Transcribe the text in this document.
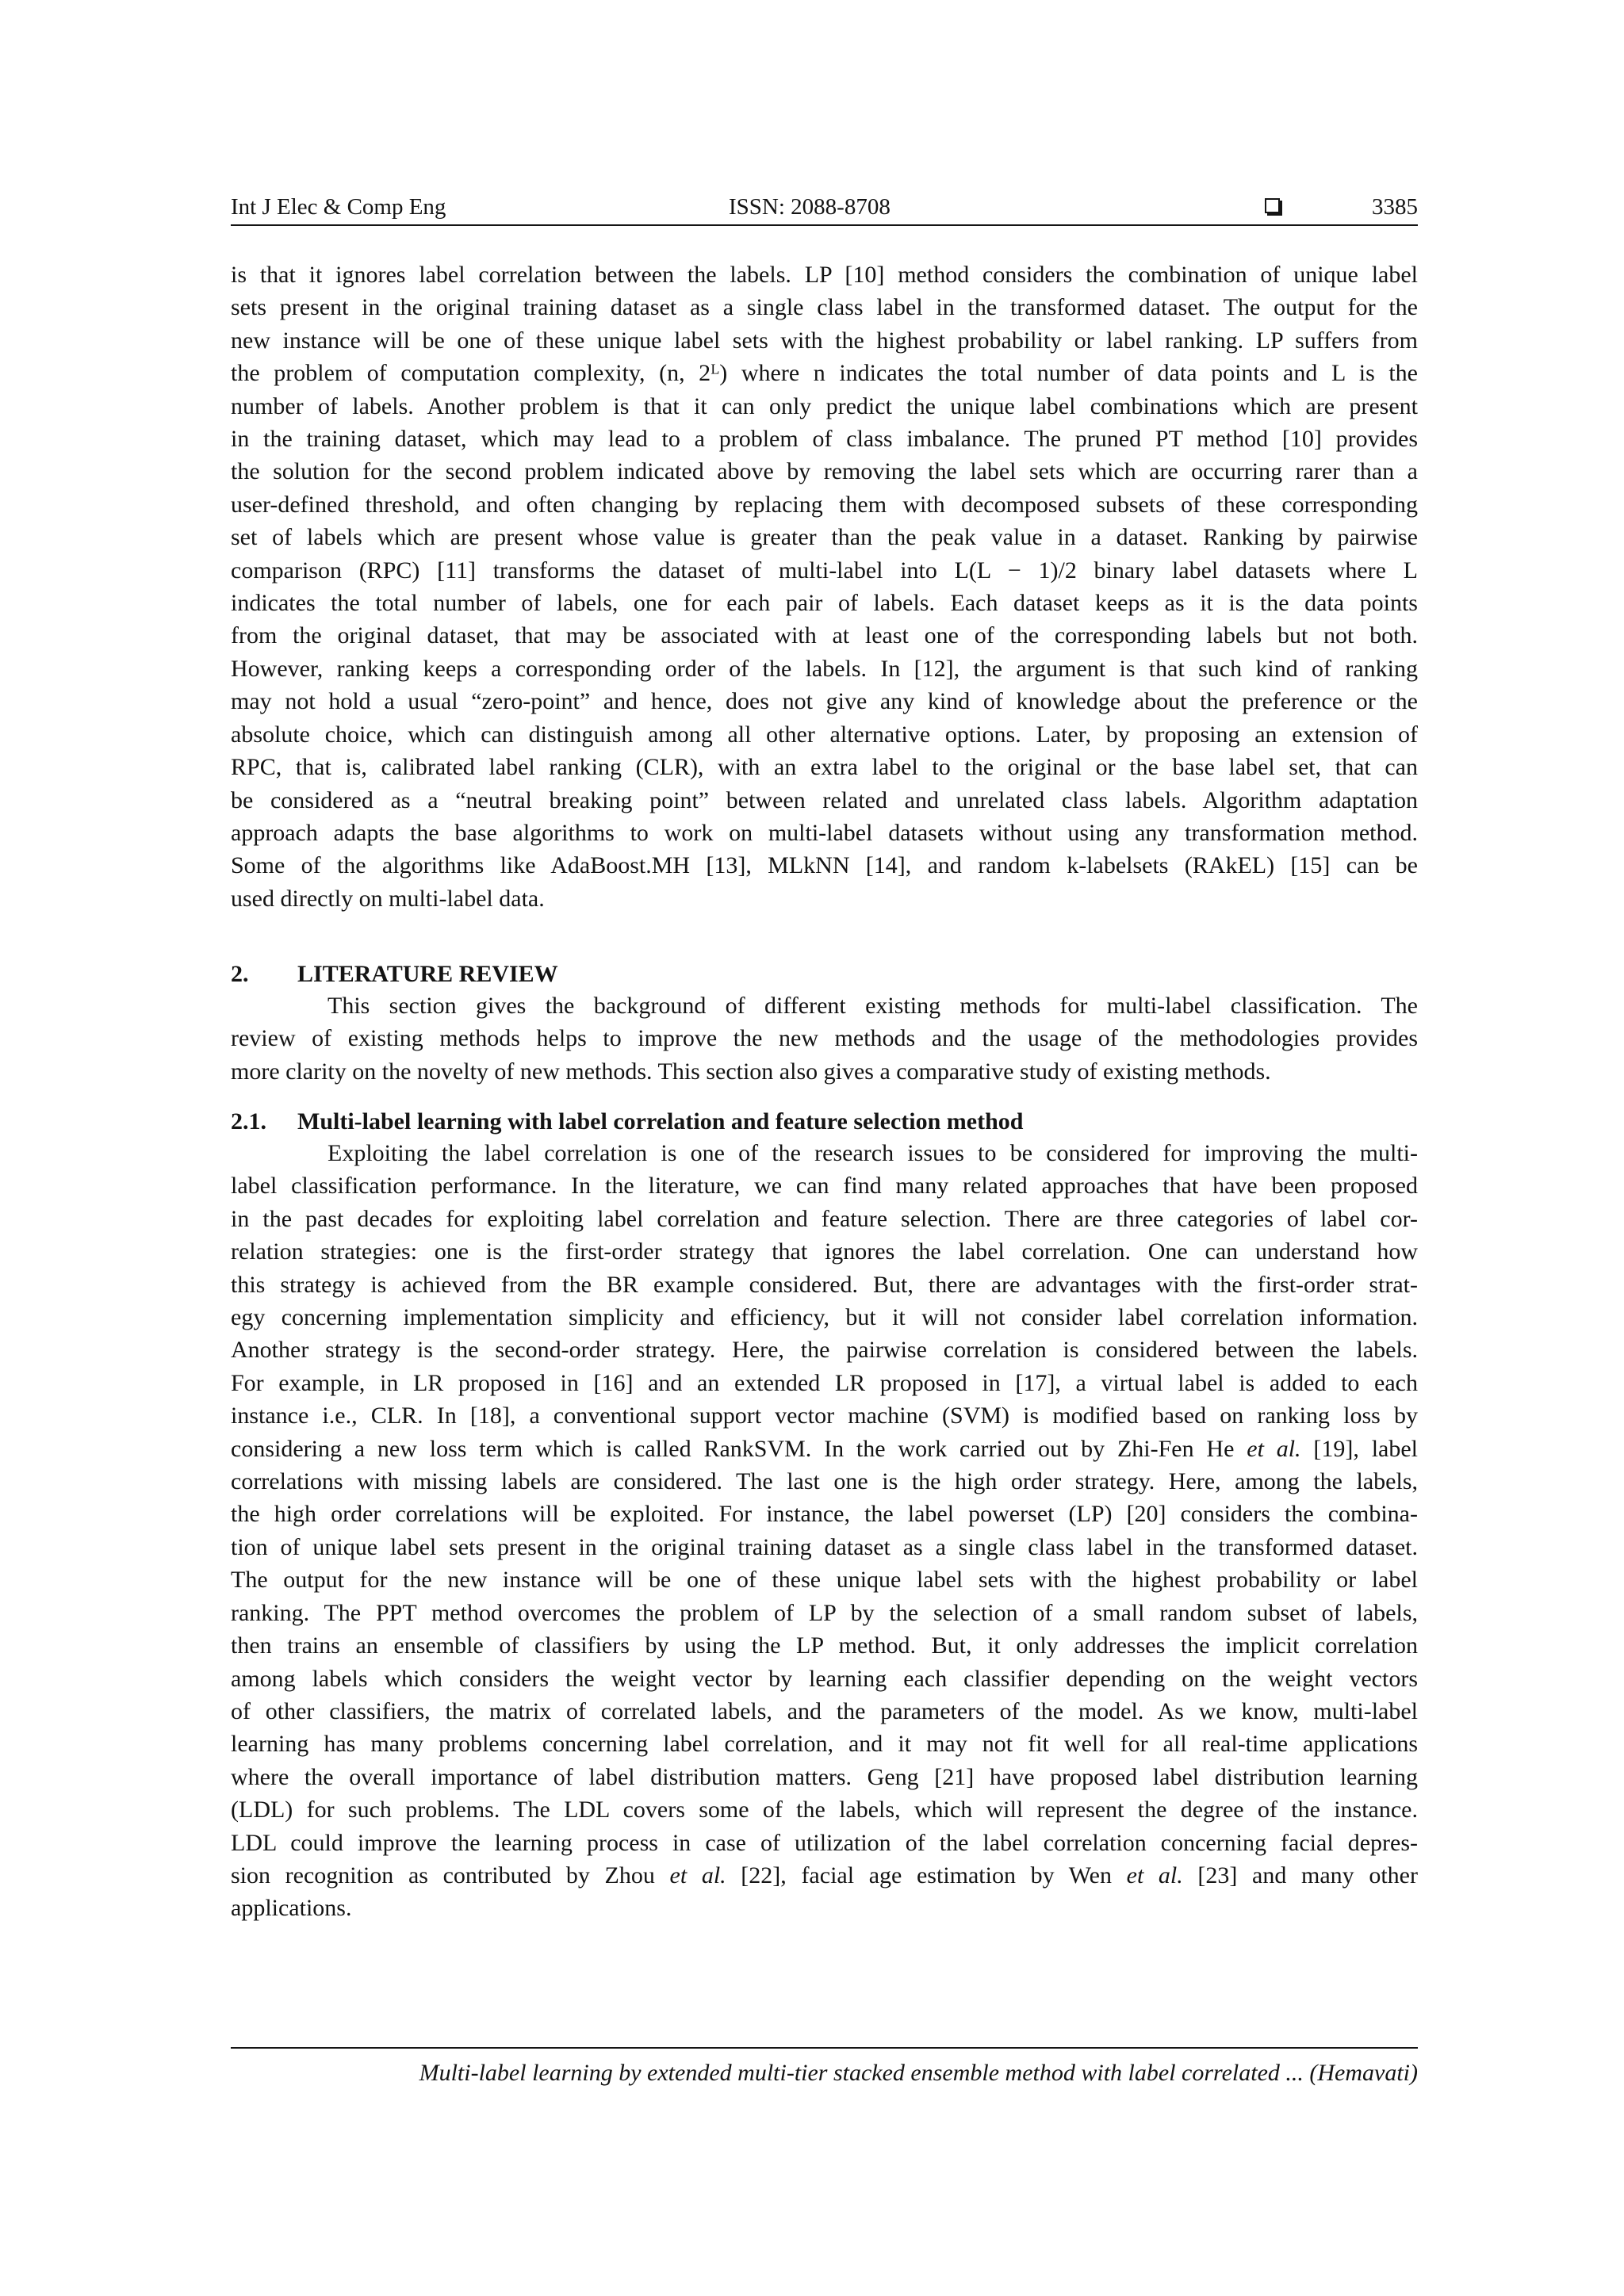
Int J Elec & Comp Eng	ISSN: 2088-8708	3385
is that it ignores label correlation between the labels. LP [10] method considers the combination of unique label
sets present in the original training dataset as a single class label in the transformed dataset. The output for the
new instance will be one of these unique label sets with the highest probability or label ranking. LP suffers from
the problem of computation complexity, (n, 2ᴸ) where n indicates the total number of data points and L is the
number of labels. Another problem is that it can only predict the unique label combinations which are present
in the training dataset, which may lead to a problem of class imbalance. The pruned PT method [10] provides
the solution for the second problem indicated above by removing the label sets which are occurring rarer than a
user-defined threshold, and often changing by replacing them with decomposed subsets of these corresponding
set of labels which are present whose value is greater than the peak value in a dataset. Ranking by pairwise
comparison (RPC) [11] transforms the dataset of multi-label into L(L − 1)/2 binary label datasets where L
indicates the total number of labels, one for each pair of labels. Each dataset keeps as it is the data points
from the original dataset, that may be associated with at least one of the corresponding labels but not both.
However, ranking keeps a corresponding order of the labels. In [12], the argument is that such kind of ranking
may not hold a usual “zero-point” and hence, does not give any kind of knowledge about the preference or the
absolute choice, which can distinguish among all other alternative options. Later, by proposing an extension of
RPC, that is, calibrated label ranking (CLR), with an extra label to the original or the base label set, that can
be considered as a “neutral breaking point” between related and unrelated class labels. Algorithm adaptation
approach adapts the base algorithms to work on multi-label datasets without using any transformation method.
Some of the algorithms like AdaBoost.MH [13], MLkNN [14], and random k-labelsets (RAkEL) [15] can be
used directly on multi-label data.
2. LITERATURE REVIEW
This section gives the background of different existing methods for multi-label classification. The
review of existing methods helps to improve the new methods and the usage of the methodologies provides
more clarity on the novelty of new methods. This section also gives a comparative study of existing methods.
2.1. Multi-label learning with label correlation and feature selection method
Exploiting the label correlation is one of the research issues to be considered for improving the multi-
label classification performance. In the literature, we can find many related approaches that have been proposed
in the past decades for exploiting label correlation and feature selection. There are three categories of label cor-
relation strategies: one is the first-order strategy that ignores the label correlation. One can understand how
this strategy is achieved from the BR example considered. But, there are advantages with the first-order strat-
egy concerning implementation simplicity and efficiency, but it will not consider label correlation information.
Another strategy is the second-order strategy. Here, the pairwise correlation is considered between the labels.
For example, in LR proposed in [16] and an extended LR proposed in [17], a virtual label is added to each
instance i.e., CLR. In [18], a conventional support vector machine (SVM) is modified based on ranking loss by
considering a new loss term which is called RankSVM. In the work carried out by Zhi-Fen He et al. [19], label
correlations with missing labels are considered. The last one is the high order strategy. Here, among the labels,
the high order correlations will be exploited. For instance, the label powerset (LP) [20] considers the combina-
tion of unique label sets present in the original training dataset as a single class label in the transformed dataset.
The output for the new instance will be one of these unique label sets with the highest probability or label
ranking. The PPT method overcomes the problem of LP by the selection of a small random subset of labels,
then trains an ensemble of classifiers by using the LP method. But, it only addresses the implicit correlation
among labels which considers the weight vector by learning each classifier depending on the weight vectors
of other classifiers, the matrix of correlated labels, and the parameters of the model. As we know, multi-label
learning has many problems concerning label correlation, and it may not fit well for all real-time applications
where the overall importance of label distribution matters. Geng [21] have proposed label distribution learning
(LDL) for such problems. The LDL covers some of the labels, which will represent the degree of the instance.
LDL could improve the learning process in case of utilization of the label correlation concerning facial depres-
sion recognition as contributed by Zhou et al. [22], facial age estimation by Wen et al. [23] and many other
applications.
Multi-label learning by extended multi-tier stacked ensemble method with label correlated ... (Hemavati)
